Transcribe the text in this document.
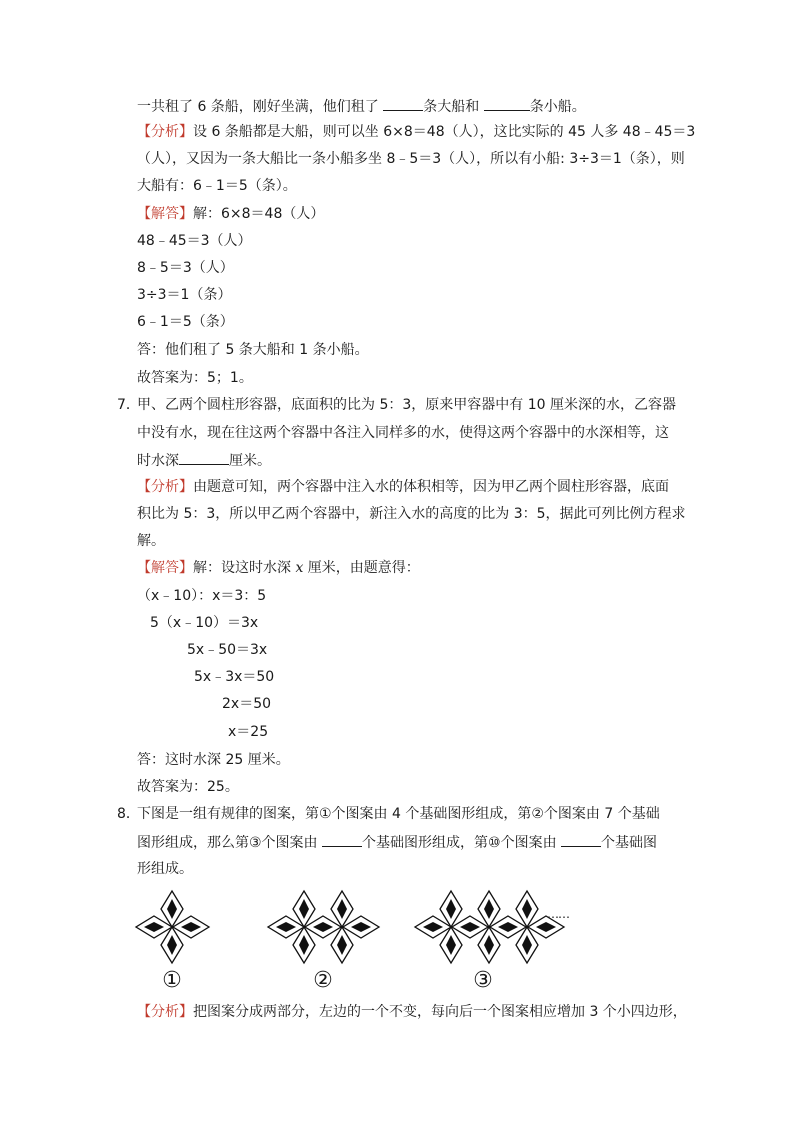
一共租了 6 条船，刚好坐满，他们租了	条大船和	条小船。
【分析】设 6 条船都是大船，则可以坐 6×8＝48（人），这比实际的 45 人多 48﹣45＝3
（人），又因为一条大船比一条小船多坐 8﹣5＝3（人），所以有小船: 3÷3＝1（条），则
大船有：6﹣1＝5（条）。
【解答】解：6×8＝48（人）
48﹣45＝3（人）
8﹣5＝3（人）
3÷3＝1（条）
6﹣1＝5（条）
答：他们租了 5 条大船和 1 条小船。
故答案为：5；1。
7．
甲、乙两个圆柱形容器，底面积的比为 5：3，原来甲容器中有 10 厘米深的水，乙容器
中没有水，现在往这两个容器中各注入同样多的水，使得这两个容器中的水深相等，这
时水深	厘米。
【分析】由题意可知，两个容器中注入水的体积相等，因为甲乙两个圆柱形容器，底面
积比为 5：3，所以甲乙两个容器中，新注入水的高度的比为 3：5，据此可列比例方程求
解。
【解答】解：设这时水深 x 厘米，由题意得：
（x﹣10）：x＝3：5
5（x﹣10）＝3x
5x﹣50＝3x
5x﹣3x＝50
2x＝50
x＝25
答：这时水深 25 厘米。
故答案为：25。
8．
下图是一组有规律的图案，第①个图案由 4 个基础图形组成，第②个图案由 7 个基础
图形组成，那么第③个图案由	个基础图形组成，第⑩个图案由	个基础图
形组成。
……
①	②	③
【分析】把图案分成两部分，左边的一个不变，每向后一个图案相应增加 3 个小四边形，
